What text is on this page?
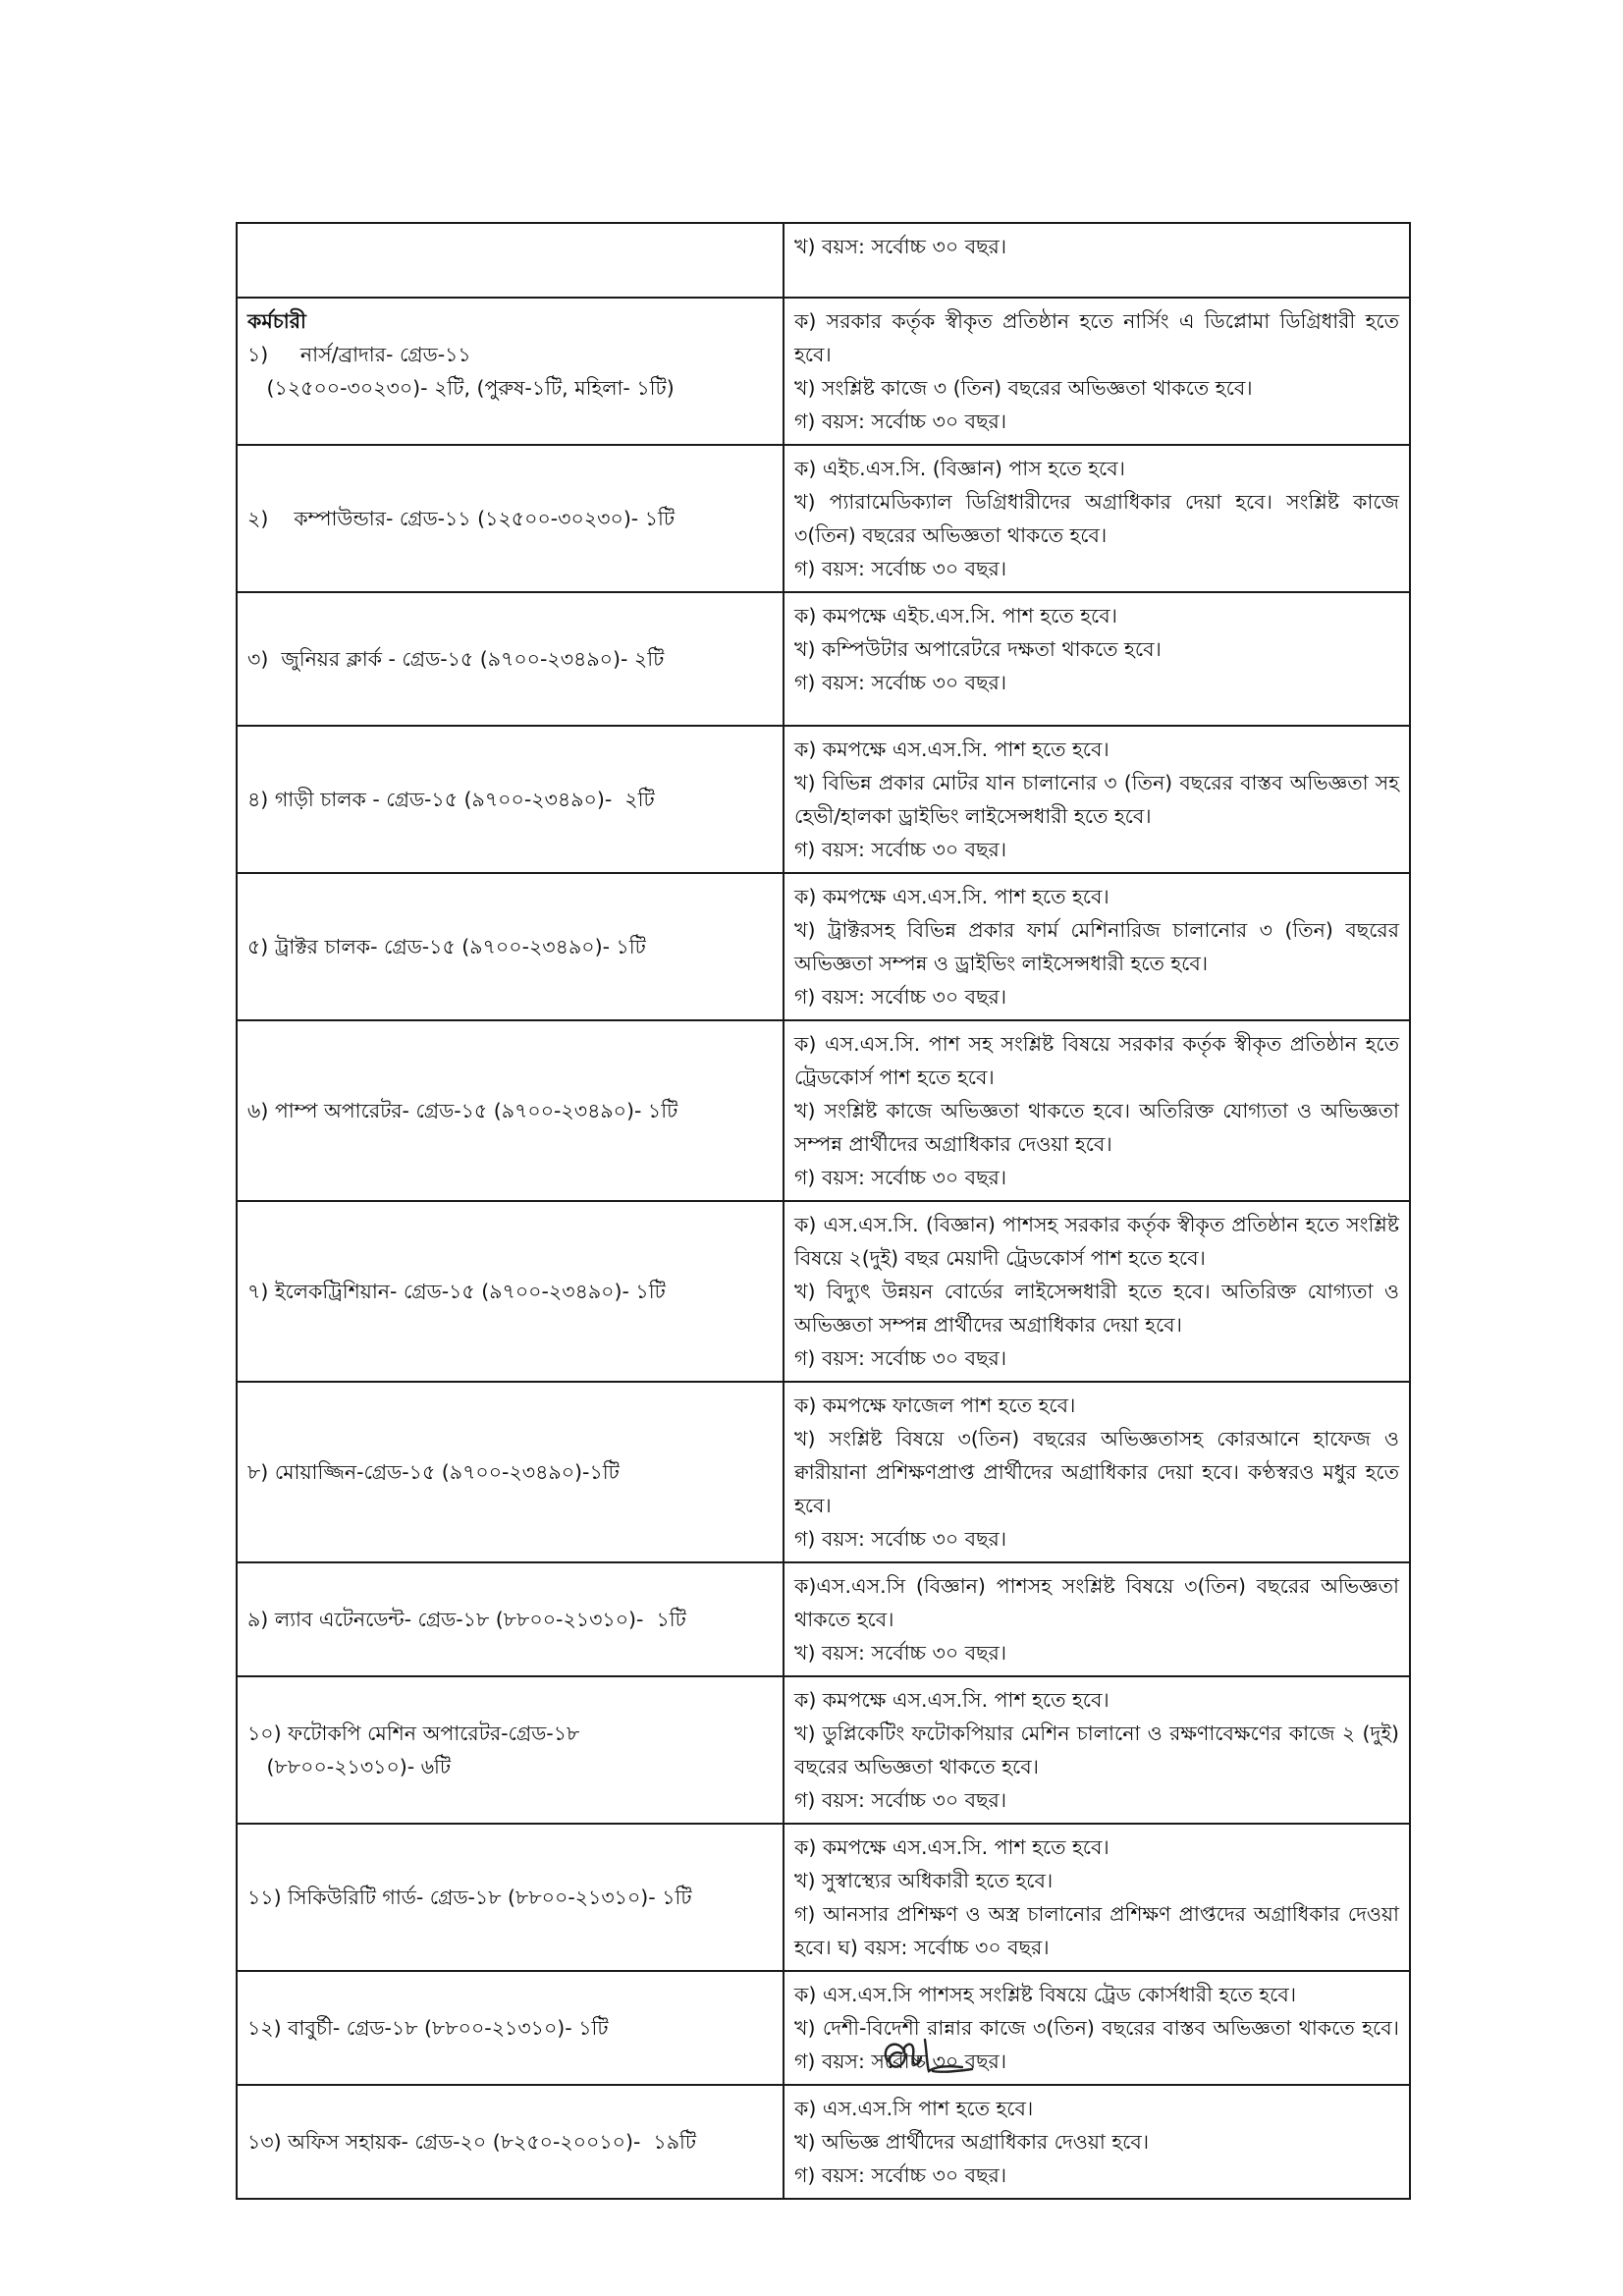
	খ) বয়স: সর্বোচ্চ ৩০ বছর।

কর্মচারী
১)     নার্স/ব্রাদার- গ্রেড-১১
(১২৫০০-৩০২৩০)- ২টি, (পুরুষ-১টি, মহিলা- ১টি)	ক) সরকার কর্তৃক স্বীকৃত প্রতিষ্ঠান হতে নার্সিং এ ডিপ্লোমা ডিগ্রিধারী হতে হবে।
খ) সংশ্লিষ্ট কাজে ৩ (তিন) বছরের অভিজ্ঞতা থাকতে হবে।
গ) বয়স: সর্বোচ্চ ৩০ বছর।

২)    কম্পাউন্ডার- গ্রেড-১১ (১২৫০০-৩০২৩০)- ১টি	ক) এইচ.এস.সি. (বিজ্ঞান) পাস হতে হবে।
খ) প্যারামেডিক্যাল ডিগ্রিধারীদের অগ্রাধিকার দেয়া হবে। সংশ্লিষ্ট কাজে ৩(তিন) বছরের অভিজ্ঞতা থাকতে হবে।
গ) বয়স: সর্বোচ্চ ৩০ বছর।

৩)  জুনিয়র ক্লার্ক - গ্রেড-১৫ (৯৭০০-২৩৪৯০)- ২টি	ক) কমপক্ষে এইচ.এস.সি. পাশ হতে হবে।
খ) কম্পিউটার অপারেটরে দক্ষতা থাকতে হবে।
গ) বয়স: সর্বোচ্চ ৩০ বছর।

৪) গাড়ী চালক - গ্রেড-১৫ (৯৭০০-২৩৪৯০)-  ২টি	ক) কমপক্ষে এস.এস.সি. পাশ হতে হবে।
খ) বিভিন্ন প্রকার মোটর যান চালানোর ৩ (তিন) বছরের বাস্তব অভিজ্ঞতা সহ হেভী/হালকা ড্রাইভিং লাইসেন্সধারী হতে হবে।
গ) বয়স: সর্বোচ্চ ৩০ বছর।

৫) ট্রাক্টর চালক- গ্রেড-১৫ (৯৭০০-২৩৪৯০)- ১টি	ক) কমপক্ষে এস.এস.সি. পাশ হতে হবে।
খ) ট্রাক্টরসহ বিভিন্ন প্রকার ফার্ম মেশিনারিজ চালানোর ৩ (তিন) বছরের অভিজ্ঞতা সম্পন্ন ও ড্রাইভিং লাইসেন্সধারী হতে হবে।
গ) বয়স: সর্বোচ্চ ৩০ বছর।

৬) পাম্প অপারেটর- গ্রেড-১৫ (৯৭০০-২৩৪৯০)- ১টি	ক) এস.এস.সি. পাশ সহ সংশ্লিষ্ট বিষয়ে সরকার কর্তৃক স্বীকৃত প্রতিষ্ঠান হতে ট্রেডকোর্স পাশ হতে হবে।
খ) সংশ্লিষ্ট কাজে অভিজ্ঞতা থাকতে হবে। অতিরিক্ত যোগ্যতা ও অভিজ্ঞতা সম্পন্ন প্রার্থীদের অগ্রাধিকার দেওয়া হবে।
গ) বয়স: সর্বোচ্চ ৩০ বছর।

৭) ইলেকট্রিশিয়ান- গ্রেড-১৫ (৯৭০০-২৩৪৯০)- ১টি	ক) এস.এস.সি. (বিজ্ঞান) পাশসহ সরকার কর্তৃক স্বীকৃত প্রতিষ্ঠান হতে সংশ্লিষ্ট বিষয়ে ২(দুই) বছর মেয়াদী ট্রেডকোর্স পাশ হতে হবে।
খ) বিদ্যুৎ উন্নয়ন বোর্ডের লাইসেন্সধারী হতে হবে। অতিরিক্ত যোগ্যতা ও অভিজ্ঞতা সম্পন্ন প্রার্থীদের অগ্রাধিকার দেয়া হবে।
গ) বয়স: সর্বোচ্চ ৩০ বছর।

৮) মোয়াজ্জিন-গ্রেড-১৫ (৯৭০০-২৩৪৯০)-১টি	ক) কমপক্ষে ফাজেল পাশ হতে হবে।
খ) সংশ্লিষ্ট বিষয়ে ৩(তিন) বছরের অভিজ্ঞতাসহ কোরআনে হাফেজ ও ক্বারীয়ানা প্রশিক্ষণপ্রাপ্ত প্রার্থীদের অগ্রাধিকার দেয়া হবে। কণ্ঠস্বরও মধুর হতে হবে।
গ) বয়স: সর্বোচ্চ ৩০ বছর।

৯) ল্যাব এটেনডেন্ট- গ্রেড-১৮ (৮৮০০-২১৩১০)-  ১টি	ক)এস.এস.সি (বিজ্ঞান) পাশসহ সংশ্লিষ্ট বিষয়ে ৩(তিন) বছরের অভিজ্ঞতা থাকতে হবে।
খ) বয়স: সর্বোচ্চ ৩০ বছর।

১০) ফটোকপি মেশিন অপারেটর-গ্রেড-১৮
(৮৮০০-২১৩১০)- ৬টি	ক) কমপক্ষে এস.এস.সি. পাশ হতে হবে।
খ) ডুপ্লিকেটিং ফটোকপিয়ার মেশিন চালানো ও রক্ষণাবেক্ষণের কাজে ২ (দুই) বছরের অভিজ্ঞতা থাকতে হবে।
গ) বয়স: সর্বোচ্চ ৩০ বছর।

১১) সিকিউরিটি গার্ড- গ্রেড-১৮ (৮৮০০-২১৩১০)- ১টি	ক) কমপক্ষে এস.এস.সি. পাশ হতে হবে।
খ) সুস্বাস্থ্যের অধিকারী হতে হবে।
গ) আনসার প্রশিক্ষণ ও অস্ত্র চালানোর প্রশিক্ষণ প্রাপ্তদের অগ্রাধিকার দেওয়া হবে। ঘ) বয়স: সর্বোচ্চ ৩০ বছর।

১২) বাবুর্চী- গ্রেড-১৮ (৮৮০০-২১৩১০)- ১টি	ক) এস.এস.সি পাশসহ সংশ্লিষ্ট বিষয়ে ট্রেড কোর্সধারী হতে হবে।
খ) দেশী-বিদেশী রান্নার কাজে ৩(তিন) বছরের বাস্তব অভিজ্ঞতা থাকতে হবে। গ) বয়স: সর্বোচ্চ ৩০ বছর।

১৩) অফিস সহায়ক- গ্রেড-২০ (৮২৫০-২০০১০)-  ১৯টি	ক) এস.এস.সি পাশ হতে হবে।
খ) অভিজ্ঞ প্রার্থীদের অগ্রাধিকার দেওয়া হবে।
গ) বয়স: সর্বোচ্চ ৩০ বছর।
